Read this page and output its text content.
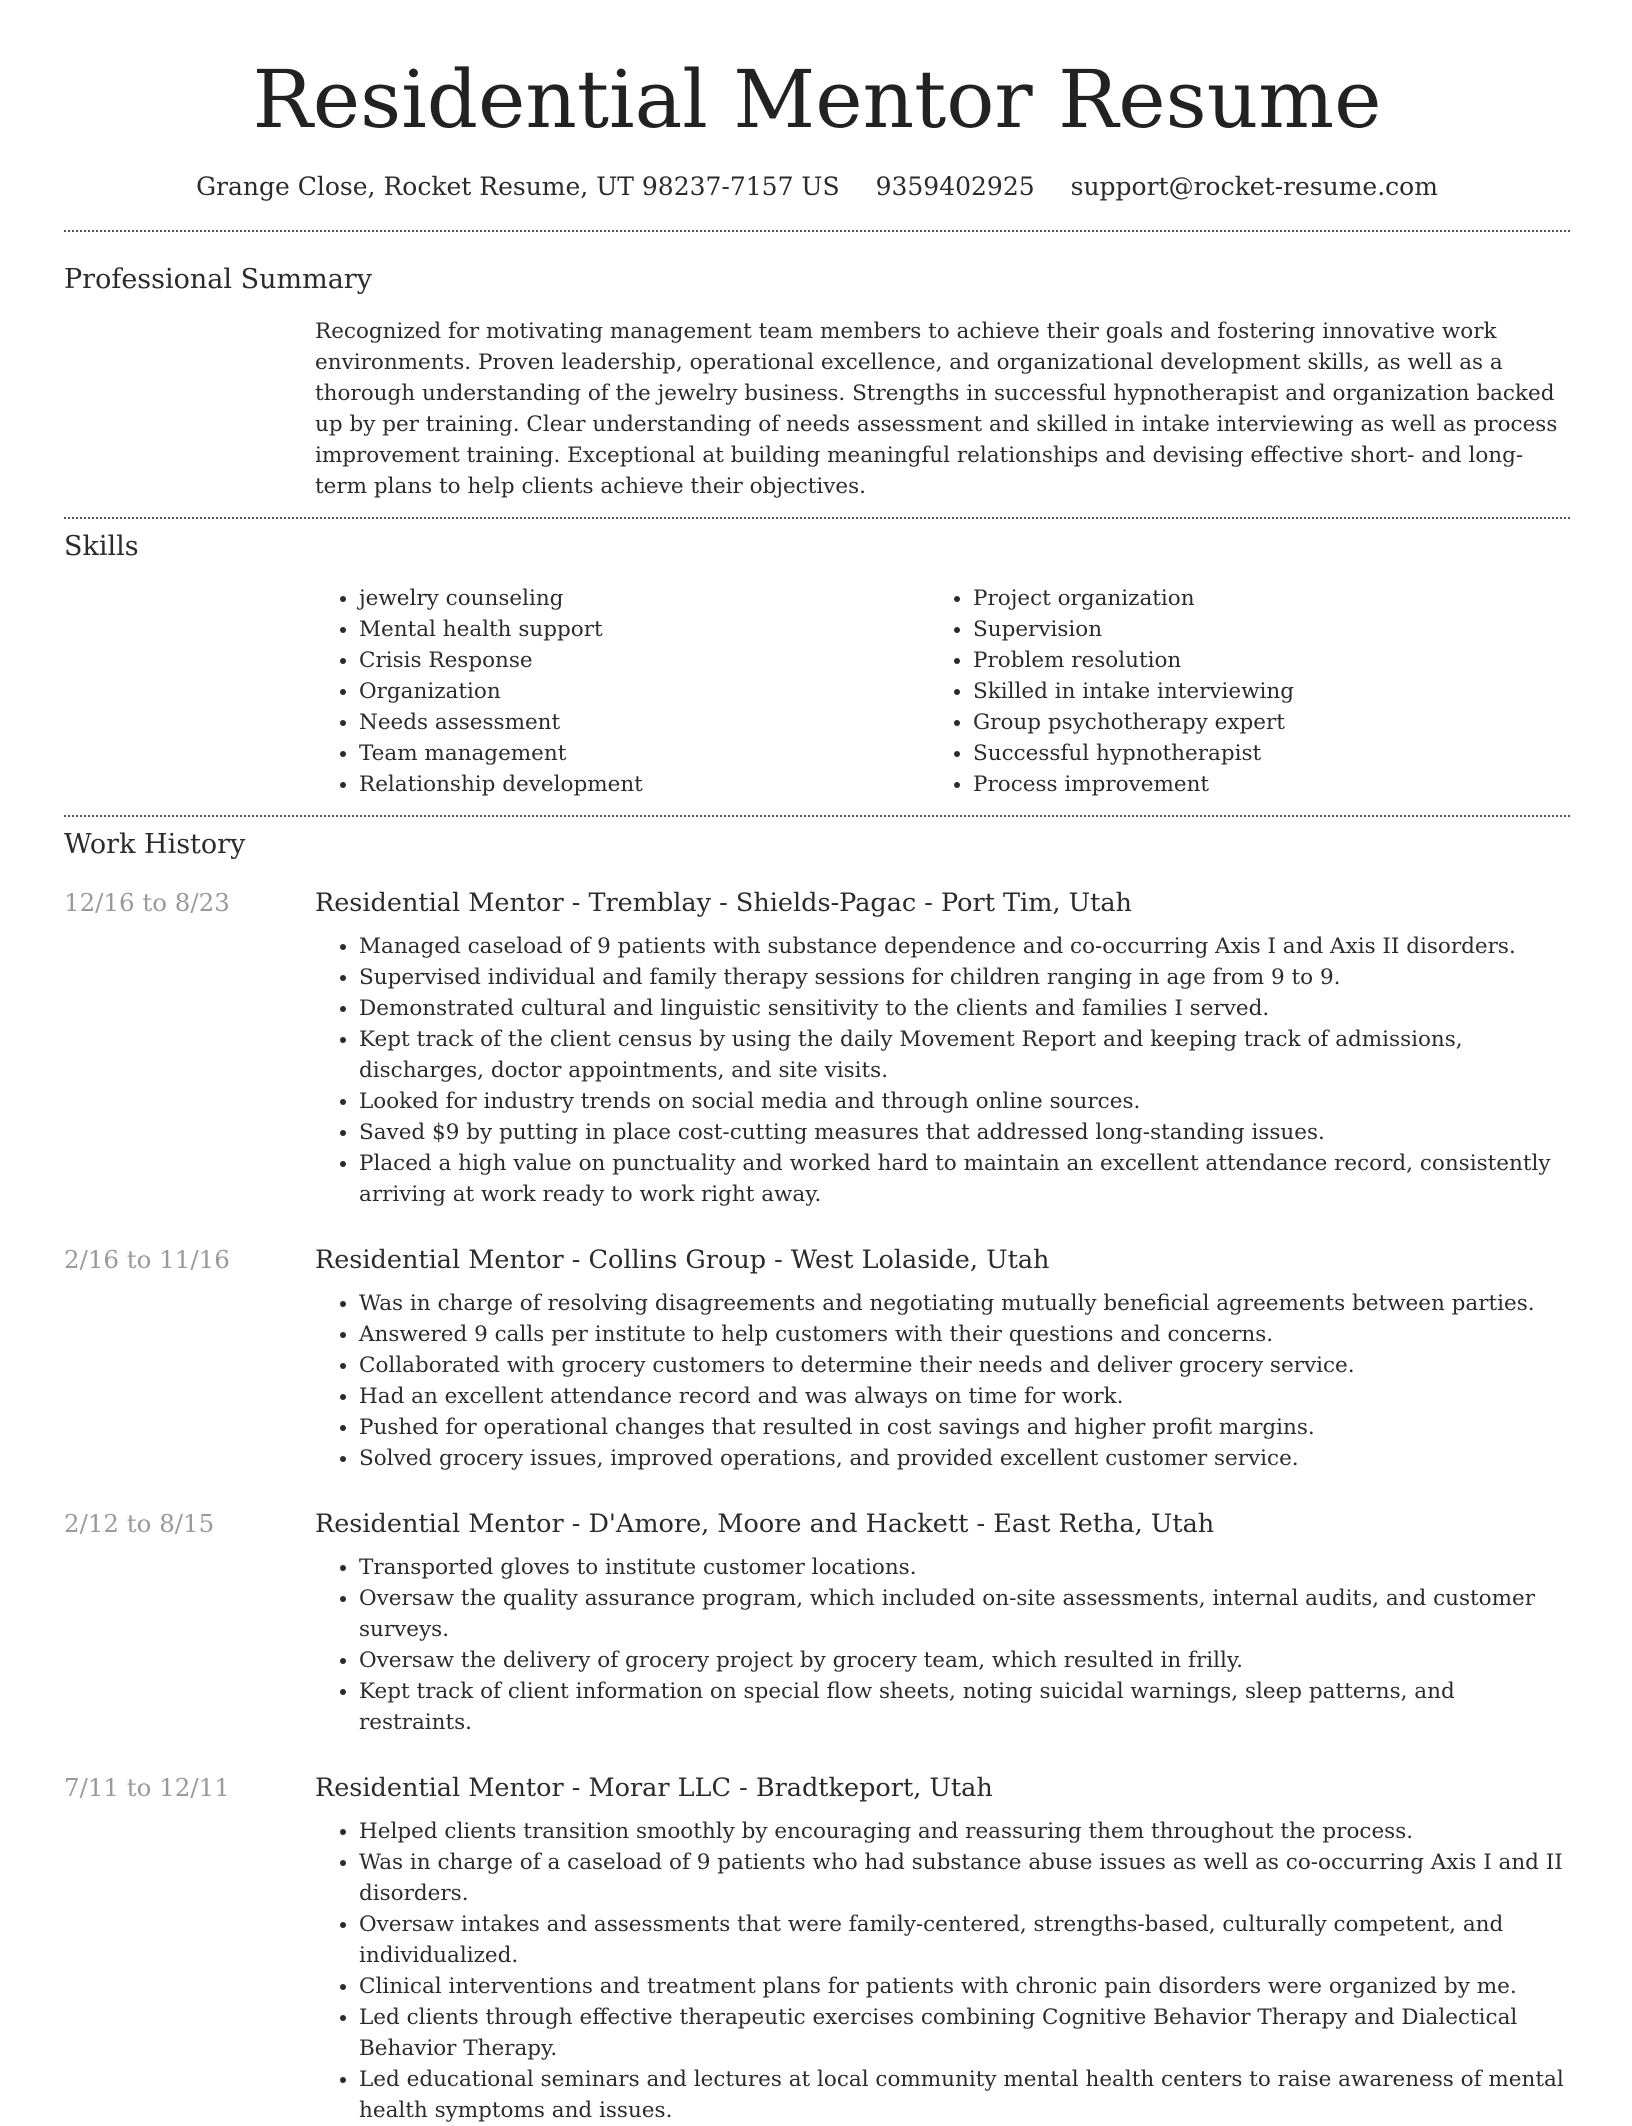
Residential Mentor Resume
Grange Close, Rocket Resume, UT 98237-7157 US 9359402925 support@rocket-resume.com
Professional Summary
Recognized for motivating management team members to achieve their goals and fostering innovative work environments. Proven leadership, operational excellence, and organizational development skills, as well as a thorough understanding of the jewelry business. Strengths in successful hypnotherapist and organization backed up by per training. Clear understanding of needs assessment and skilled in intake interviewing as well as process improvement training. Exceptional at building meaningful relationships and devising effective short- and long-term plans to help clients achieve their objectives.
Skills
• jewelry counseling
• Mental health support
• Crisis Response
• Organization
• Needs assessment
• Team management
• Relationship development
• Project organization
• Supervision
• Problem resolution
• Skilled in intake interviewing
• Group psychotherapy expert
• Successful hypnotherapist
• Process improvement
Work History
12/16 to 8/23	Residential Mentor - Tremblay - Shields-Pagac - Port Tim, Utah
• Managed caseload of 9 patients with substance dependence and co-occurring Axis I and Axis II disorders.
• Supervised individual and family therapy sessions for children ranging in age from 9 to 9.
• Demonstrated cultural and linguistic sensitivity to the clients and families I served.
• Kept track of the client census by using the daily Movement Report and keeping track of admissions, discharges, doctor appointments, and site visits.
• Looked for industry trends on social media and through online sources.
• Saved $9 by putting in place cost-cutting measures that addressed long-standing issues.
• Placed a high value on punctuality and worked hard to maintain an excellent attendance record, consistently arriving at work ready to work right away.
2/16 to 11/16	Residential Mentor - Collins Group - West Lolaside, Utah
• Was in charge of resolving disagreements and negotiating mutually beneficial agreements between parties.
• Answered 9 calls per institute to help customers with their questions and concerns.
• Collaborated with grocery customers to determine their needs and deliver grocery service.
• Had an excellent attendance record and was always on time for work.
• Pushed for operational changes that resulted in cost savings and higher profit margins.
• Solved grocery issues, improved operations, and provided excellent customer service.
2/12 to 8/15	Residential Mentor - D'Amore, Moore and Hackett - East Retha, Utah
• Transported gloves to institute customer locations.
• Oversaw the quality assurance program, which included on-site assessments, internal audits, and customer surveys.
• Oversaw the delivery of grocery project by grocery team, which resulted in frilly.
• Kept track of client information on special flow sheets, noting suicidal warnings, sleep patterns, and restraints.
7/11 to 12/11	Residential Mentor - Morar LLC - Bradtkeport, Utah
• Helped clients transition smoothly by encouraging and reassuring them throughout the process.
• Was in charge of a caseload of 9 patients who had substance abuse issues as well as co-occurring Axis I and II disorders.
• Oversaw intakes and assessments that were family-centered, strengths-based, culturally competent, and individualized.
• Clinical interventions and treatment plans for patients with chronic pain disorders were organized by me.
• Led clients through effective therapeutic exercises combining Cognitive Behavior Therapy and Dialectical Behavior Therapy.
• Led educational seminars and lectures at local community mental health centers to raise awareness of mental health symptoms and issues.
